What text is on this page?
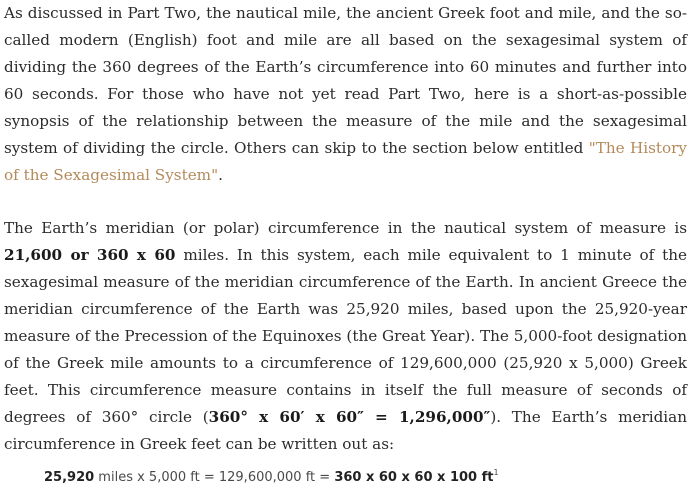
As discussed in Part Two, the nautical mile, the ancient Greek foot and mile, and the so-called modern (English) foot and mile are all based on the sexagesimal system of dividing the 360 degrees of the Earth’s circumference into 60 minutes and further into 60 seconds. For those who have not yet read Part Two, here is a short-as-possible synopsis of the relationship between the measure of the mile and the sexagesimal system of dividing the circle. Others can skip to the section below entitled "The History of the Sexagesimal System".

The Earth’s meridian (or polar) circumference in the nautical system of measure is 21,600 or 360 x 60 miles. In this system, each mile equivalent to 1 minute of the sexagesimal measure of the meridian circumference of the Earth. In ancient Greece the meridian circumference of the Earth was 25,920 miles, based upon the 25,920-year measure of the Precession of the Equinoxes (the Great Year). The 5,000-foot designation of the Greek mile amounts to a circumference of 129,600,000 (25,920 x 5,000) Greek feet. This circumference measure contains in itself the full measure of seconds of degrees of 360° circle (360° x 60′ x 60″ = 1,296,000″). The Earth’s meridian circumference in Greek feet can be written out as:

25,920 miles x 5,000 ft = 129,600,000 ft = 360 x 60 x 60 x 100 $ft^1$
